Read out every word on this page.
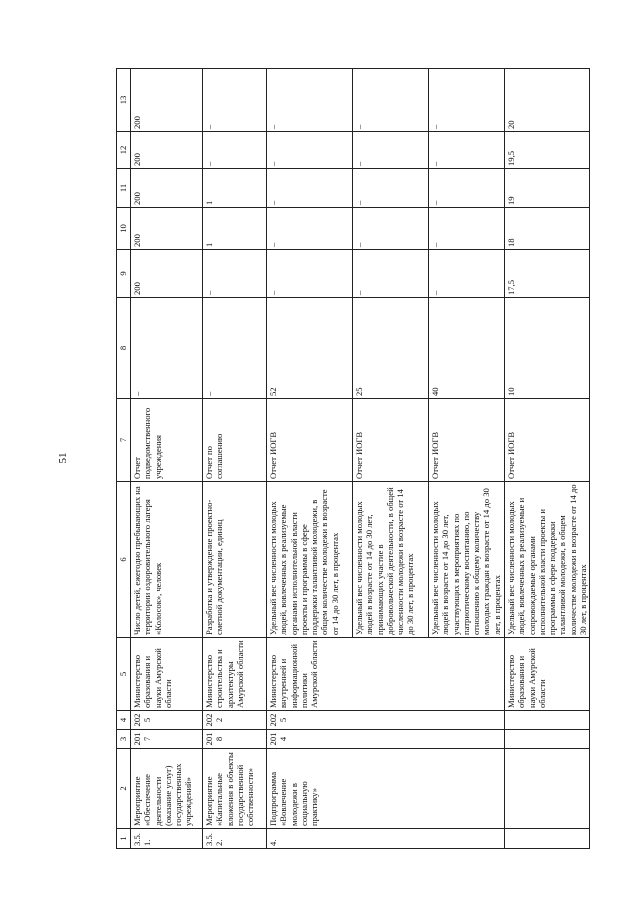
51
1	2	3	4	5	6	7	8	9	10	11	12	13
3.5.1.	Мероприятие «Обеспечение деятельности (оказание услуг) государственных учреждений»	2017	2025	Министерство образования и науки Амурской области	Число детей, ежегодно пребывающих на территории оздоровительного лагеря «Колосок», человек	Отчет подведомственного учреждения	–	200	200	200	200	200
3.5.2.	Мероприятие «Капитальные вложения в объекты государственной собственности»	2018	2022	Министерство строительства и архитектуры Амурской области	Разработка и утверждение проектно-сметной документации, единиц	Отчет по соглашению	–	–	1	1	–	–
4.	Подпрограмма «Вовлечение молодежи в социальную практику»	2014	2025	Министерство внутренней и информационной политики Амурской области	Удельный вес численности молодых людей, вовлеченных в реализуемые органами исполнительной власти проекты и программы в сфере поддержки талантливой молодежи, в общем количестве молодежи в возрасте от 14 до 30 лет, в процентах	Отчет ИОГВ	52	–	–	–	–	–
					Удельный вес численности молодых людей в возрасте от 14 до 30 лет, принимающих участие в добровольческой деятельности, в общей численности молодежи в возрасте от 14 до 30 лет, в процентах	Отчет ИОГВ	25	–	–	–	–	–
					Удельный вес численности молодых людей в возрасте от 14 до 30 лет, участвующих в мероприятиях по патриотическому воспитанию, по отношению к общему количеству молодых граждан в возрасте от 14 до 30 лет, в процентах	Отчет ИОГВ	40	–	–	–	–	–
				Министерство образования и науки Амурской области	Удельный вес численности молодых людей, вовлеченных в реализуемые и сопровождаемые органами исполнительной власти проекты и программы в сфере поддержки талантливой молодежи, в общем количестве молодежи в возрасте от 14 до 30 лет, в процентах	Отчет ИОГВ	10	17,5	18	19	19,5	20
